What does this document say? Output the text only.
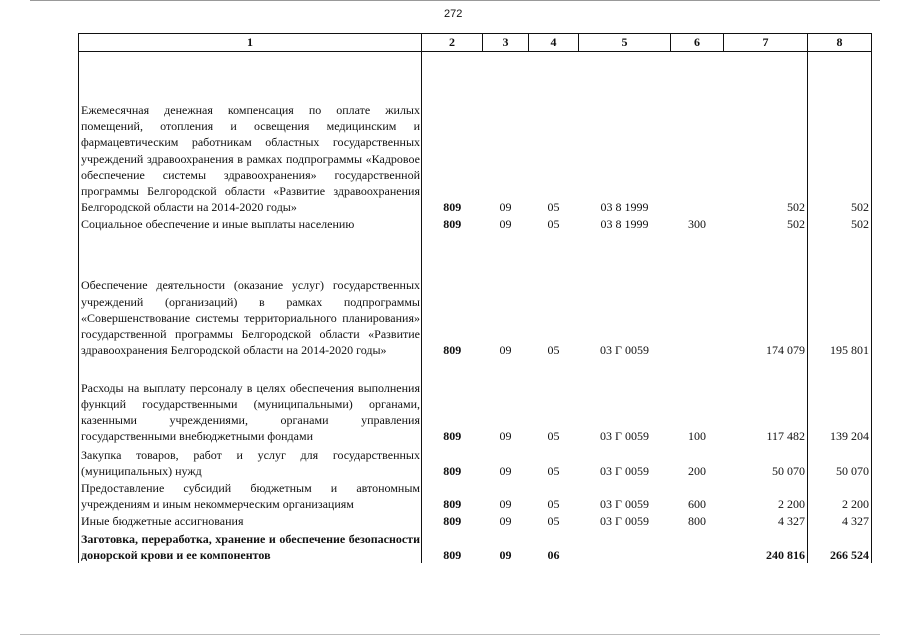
272
1	2	3	4	5	6	7	8
Ежемесячная денежная компенсация по оплате жилых помещений, отопления и освещения медицинским и фармацевтическим работникам областных государственных учреждений здравоохранения в рамках подпрограммы «Кадровое обеспечение системы здравоохранения» государственной программы Белгородской области «Развитие здравоохранения Белгородской области на 2014-2020 годы»	809	09	05	03 8 1999		502	502
Социальное обеспечение и иные выплаты населению	809	09	05	03 8 1999	300	502	502
Обеспечение деятельности (оказание услуг) государственных учреждений (организаций) в рамках подпрограммы «Совершенствование системы территориального планирования» государственной программы Белгородской области «Развитие здравоохранения Белгородской области на 2014-2020 годы»	809	09	05	03 Г 0059		174 079	195 801
Расходы на выплату персоналу в целях обеспечения выполнения функций государственными (муниципальными) органами, казенными учреждениями, органами управления государственными внебюджетными фондами	809	09	05	03 Г 0059	100	117 482	139 204
Закупка товаров, работ и услуг для государственных (муниципальных) нужд	809	09	05	03 Г 0059	200	50 070	50 070
Предоставление субсидий бюджетным и автономным учреждениям и иным некоммерческим организациям	809	09	05	03 Г 0059	600	2 200	2 200
Иные бюджетные ассигнования	809	09	05	03 Г 0059	800	4 327	4 327
Заготовка, переработка, хранение и обеспечение безопасности донорской крови и ее компонентов	809	09	06			240 816	266 524
